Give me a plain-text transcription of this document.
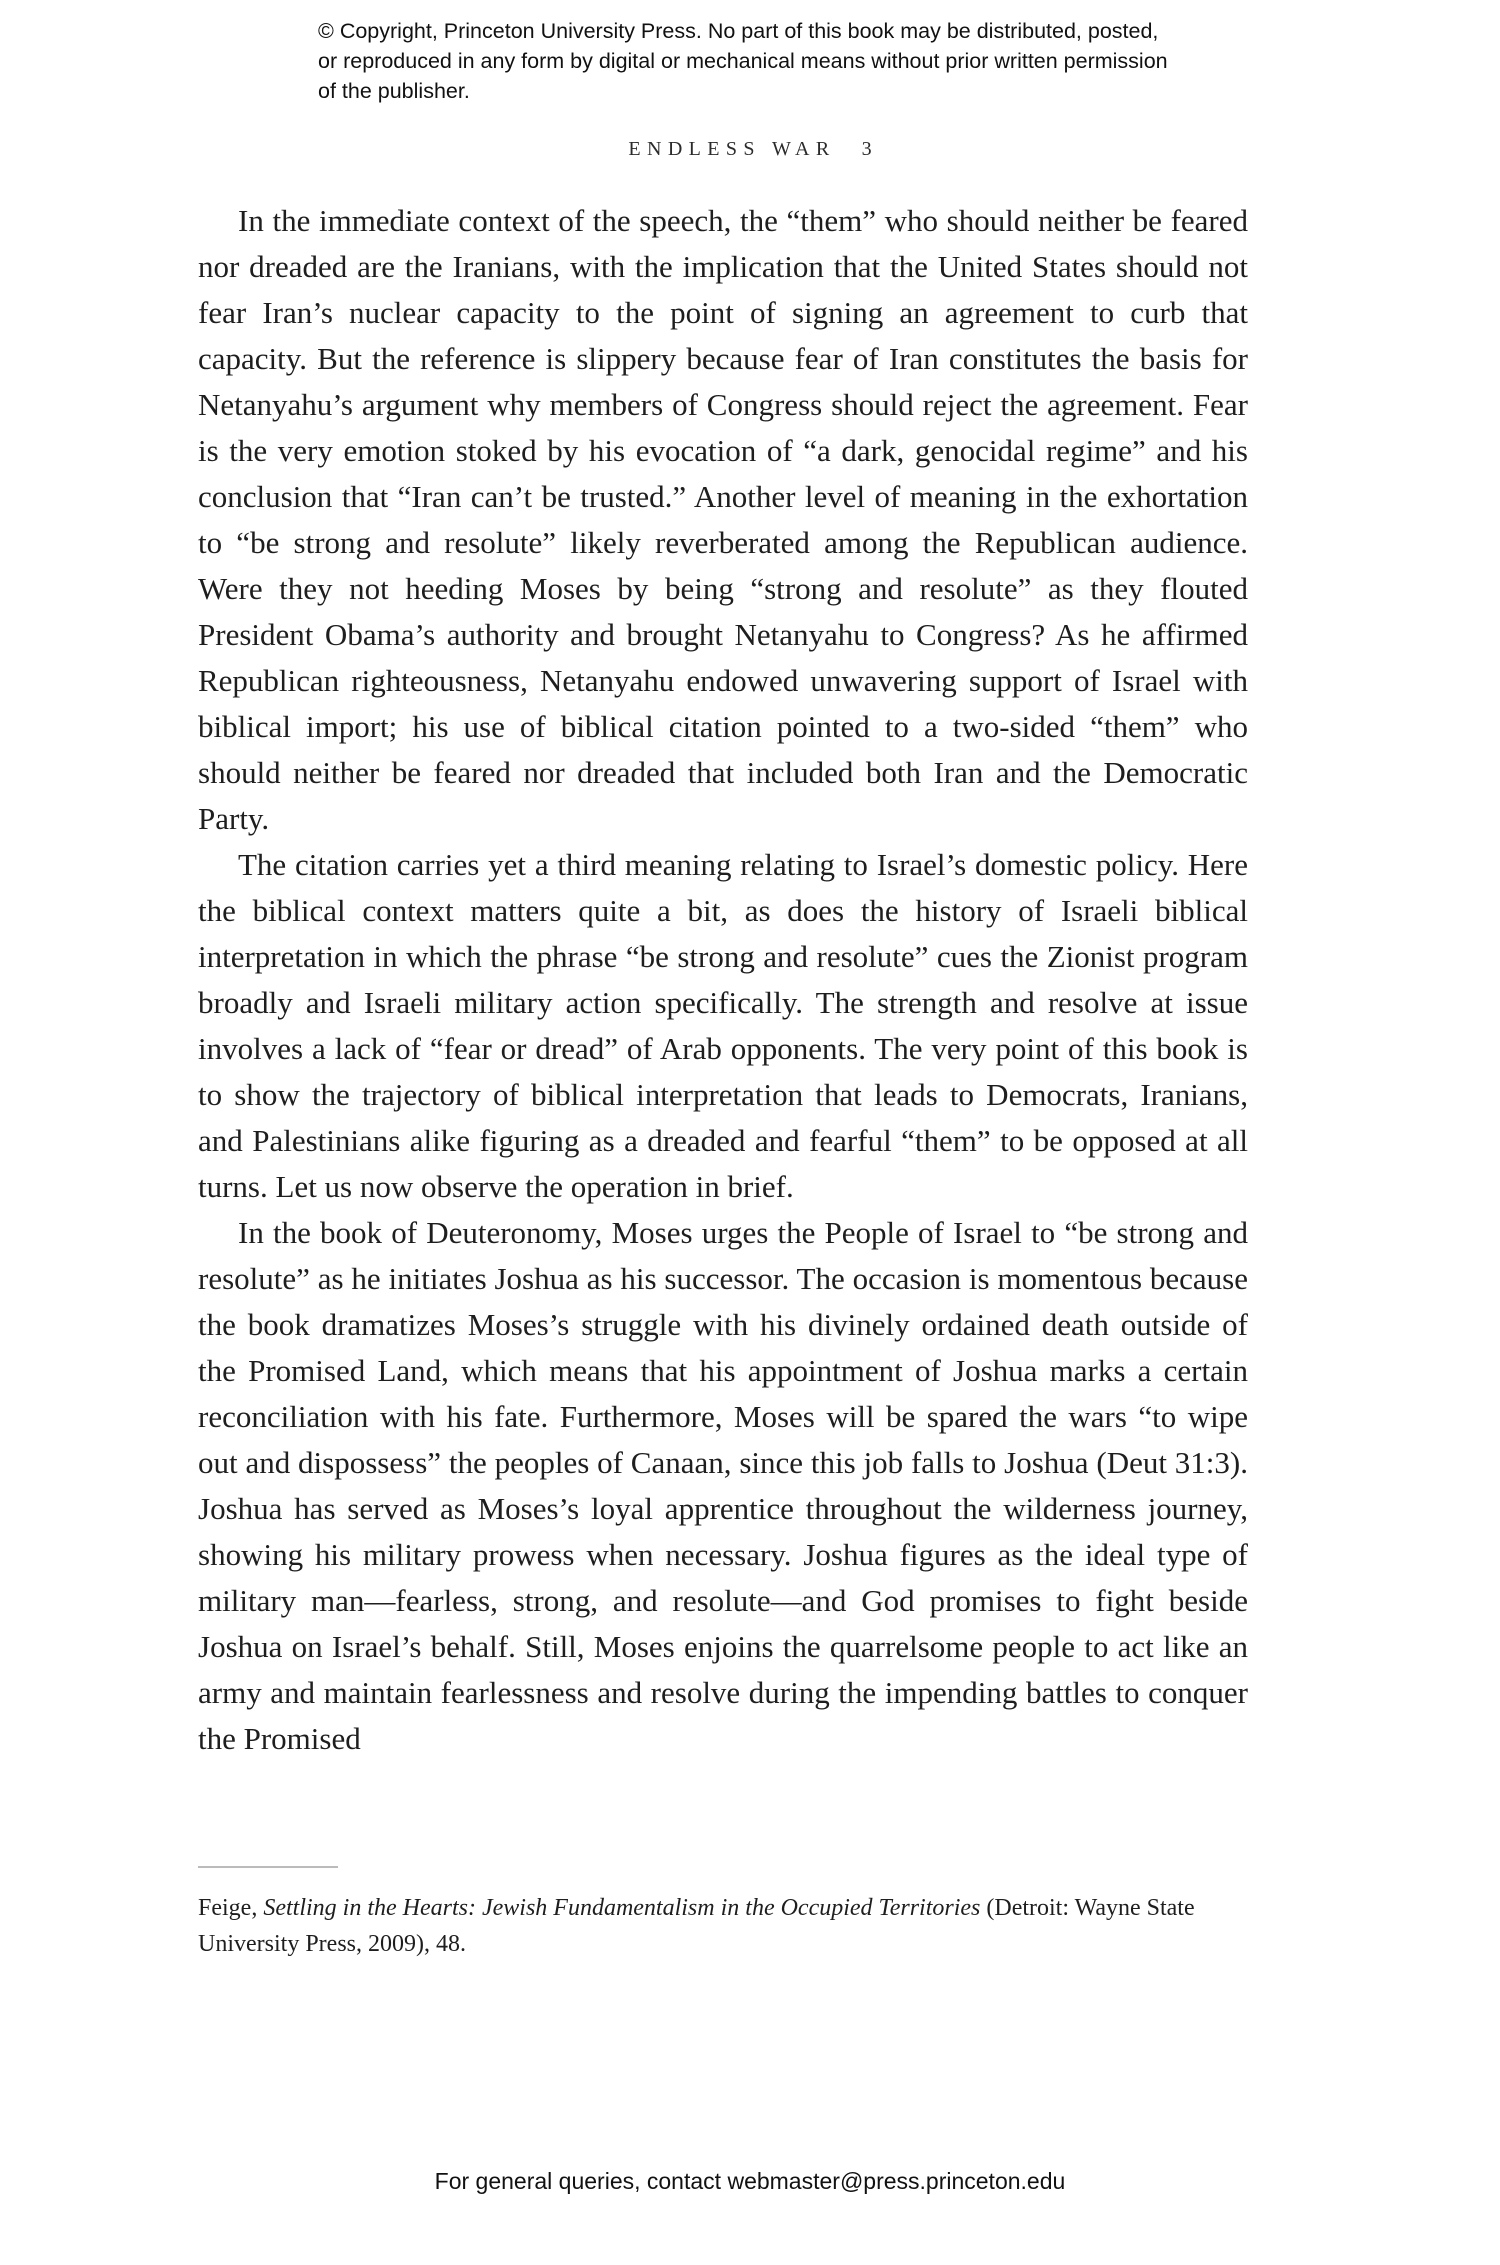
© Copyright, Princeton University Press. No part of this book may be distributed, posted, or reproduced in any form by digital or mechanical means without prior written permission of the publisher.
ENDLESS WAR 3

In the immediate context of the speech, the “them” who should neither be feared nor dreaded are the Iranians, with the implication that the United States should not fear Iran’s nuclear capacity to the point of signing an agreement to curb that capacity. But the reference is slippery because fear of Iran constitutes the basis for Netanyahu’s argument why members of Congress should reject the agreement. Fear is the very emotion stoked by his evocation of “a dark, genocidal regime” and his conclusion that “Iran can’t be trusted.” Another level of meaning in the exhortation to “be strong and resolute” likely reverberated among the Republican audience. Were they not heeding Moses by being “strong and resolute” as they flouted President Obama’s authority and brought Netanyahu to Congress? As he affirmed Republican righteousness, Netanyahu endowed unwavering support of Israel with biblical import; his use of biblical citation pointed to a two-sided “them” who should neither be feared nor dreaded that included both Iran and the Democratic Party.

The citation carries yet a third meaning relating to Israel’s domestic policy. Here the biblical context matters quite a bit, as does the history of Israeli biblical interpretation in which the phrase “be strong and resolute” cues the Zionist program broadly and Israeli military action specifically. The strength and resolve at issue involves a lack of “fear or dread” of Arab opponents. The very point of this book is to show the trajectory of biblical interpretation that leads to Democrats, Iranians, and Palestinians alike figuring as a dreaded and fearful “them” to be opposed at all turns. Let us now observe the operation in brief.

In the book of Deuteronomy, Moses urges the People of Israel to “be strong and resolute” as he initiates Joshua as his successor. The occasion is momentous because the book dramatizes Moses’s struggle with his divinely ordained death outside of the Promised Land, which means that his appointment of Joshua marks a certain reconciliation with his fate. Furthermore, Moses will be spared the wars “to wipe out and dispossess” the peoples of Canaan, since this job falls to Joshua (Deut 31:3). Joshua has served as Moses’s loyal apprentice throughout the wilderness journey, showing his military prowess when necessary. Joshua figures as the ideal type of military man—fearless, strong, and resolute—and God promises to fight beside Joshua on Israel’s behalf. Still, Moses enjoins the quarrelsome people to act like an army and maintain fearlessness and resolve during the impending battles to conquer the Promised

Feige, Settling in the Hearts: Jewish Fundamentalism in the Occupied Territories (Detroit: Wayne State University Press, 2009), 48.
For general queries, contact webmaster@press.princeton.edu
